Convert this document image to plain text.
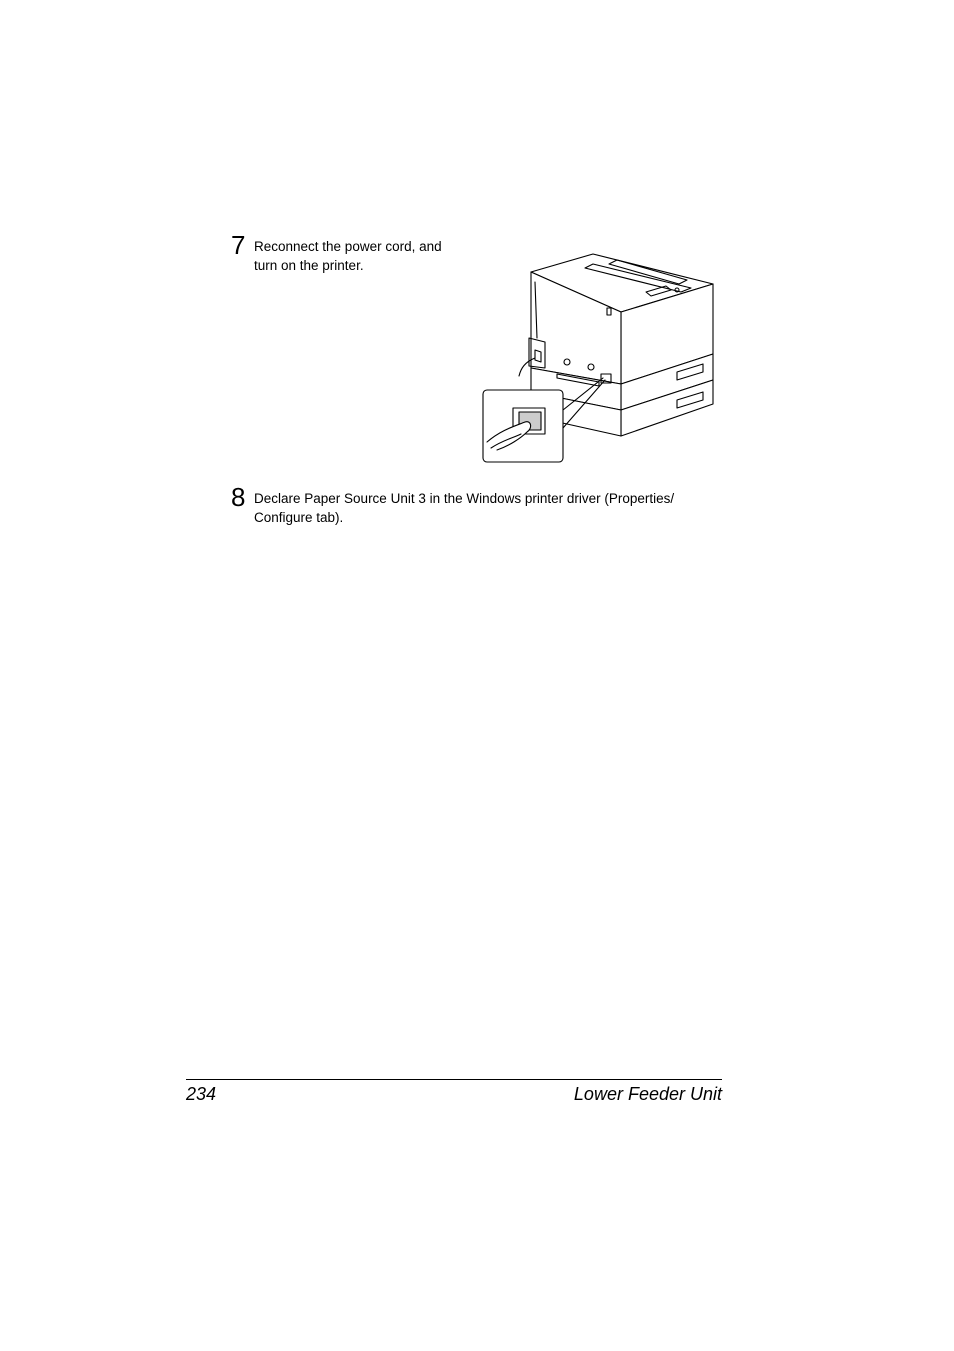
7 Reconnect the power cord, and
turn on the printer.
8 Declare Paper Source Unit 3 in the Windows printer driver (Properties/
Configure tab).
234	Lower Feeder Unit
